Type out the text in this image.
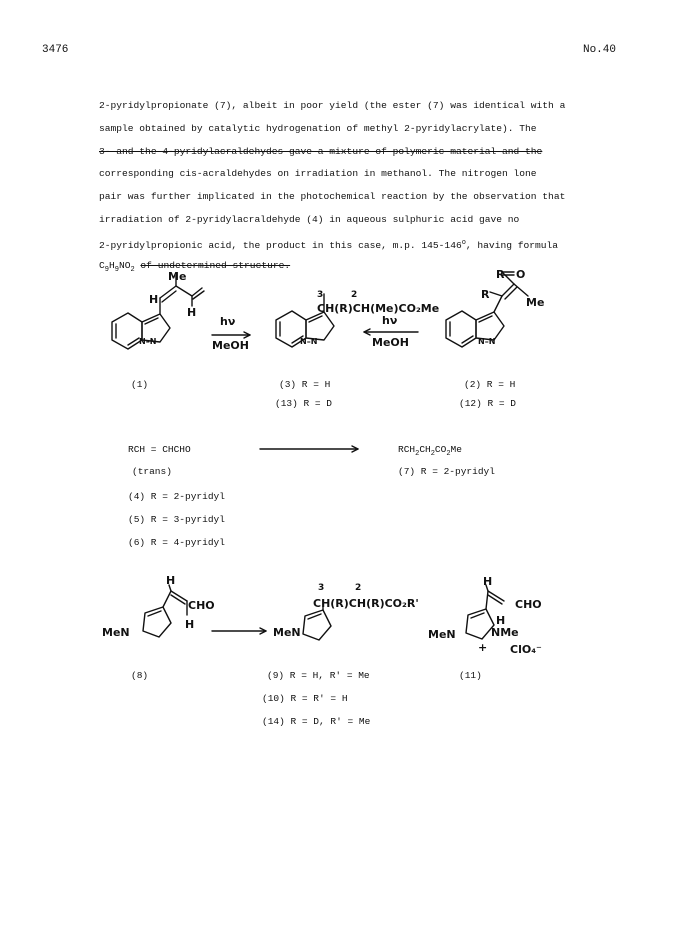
3476	No.40
2-pyridylpropionate (7), albeit in poor yield (the ester (7) was identical with a
sample obtained by catalytic hydrogenation of methyl 2-pyridylacrylate). The
3- and the 4-pyridylacraldehydes gave a mixture of polymeric material and the
corresponding cis-acraldehydes on irradiation in methanol. The nitrogen lone
pair was further implicated in the photochemical reaction by the observation that
irradiation of 2-pyridylacraldehyde (4) in aqueous sulphuric acid gave no
2-pyridylpropionic acid, the product in this case, m.p. 145-146$^o$, having formula
$C_9H_9NO_2$ of undetermined structure.
Me
H
H
N–N
hν
MeOH
3	2
CH(R)CH(Me)CO₂Me
N–N
hν
MeOH
R O
R
Me
N–N
(1)	(3) R = H
(13) R = D
(2) R = H
(12) R = D
RCH = CHCHO	$RCH_2CH_2CO_2Me$
(trans)	(7) R = 2-pyridyl
(4) R = 2-pyridyl
(5) R = 3-pyridyl
(6) R = 4-pyridyl
H
CHO
H
MeN
3	2
CH(R)CH(R)CO₂R'
MeN
H
CHO
H
MeN	NMe
+ ClO₄⁻
(8)	(9) R = H, R' = Me
(10) R = R' = H
(14) R = D, R' = Me
(11)
